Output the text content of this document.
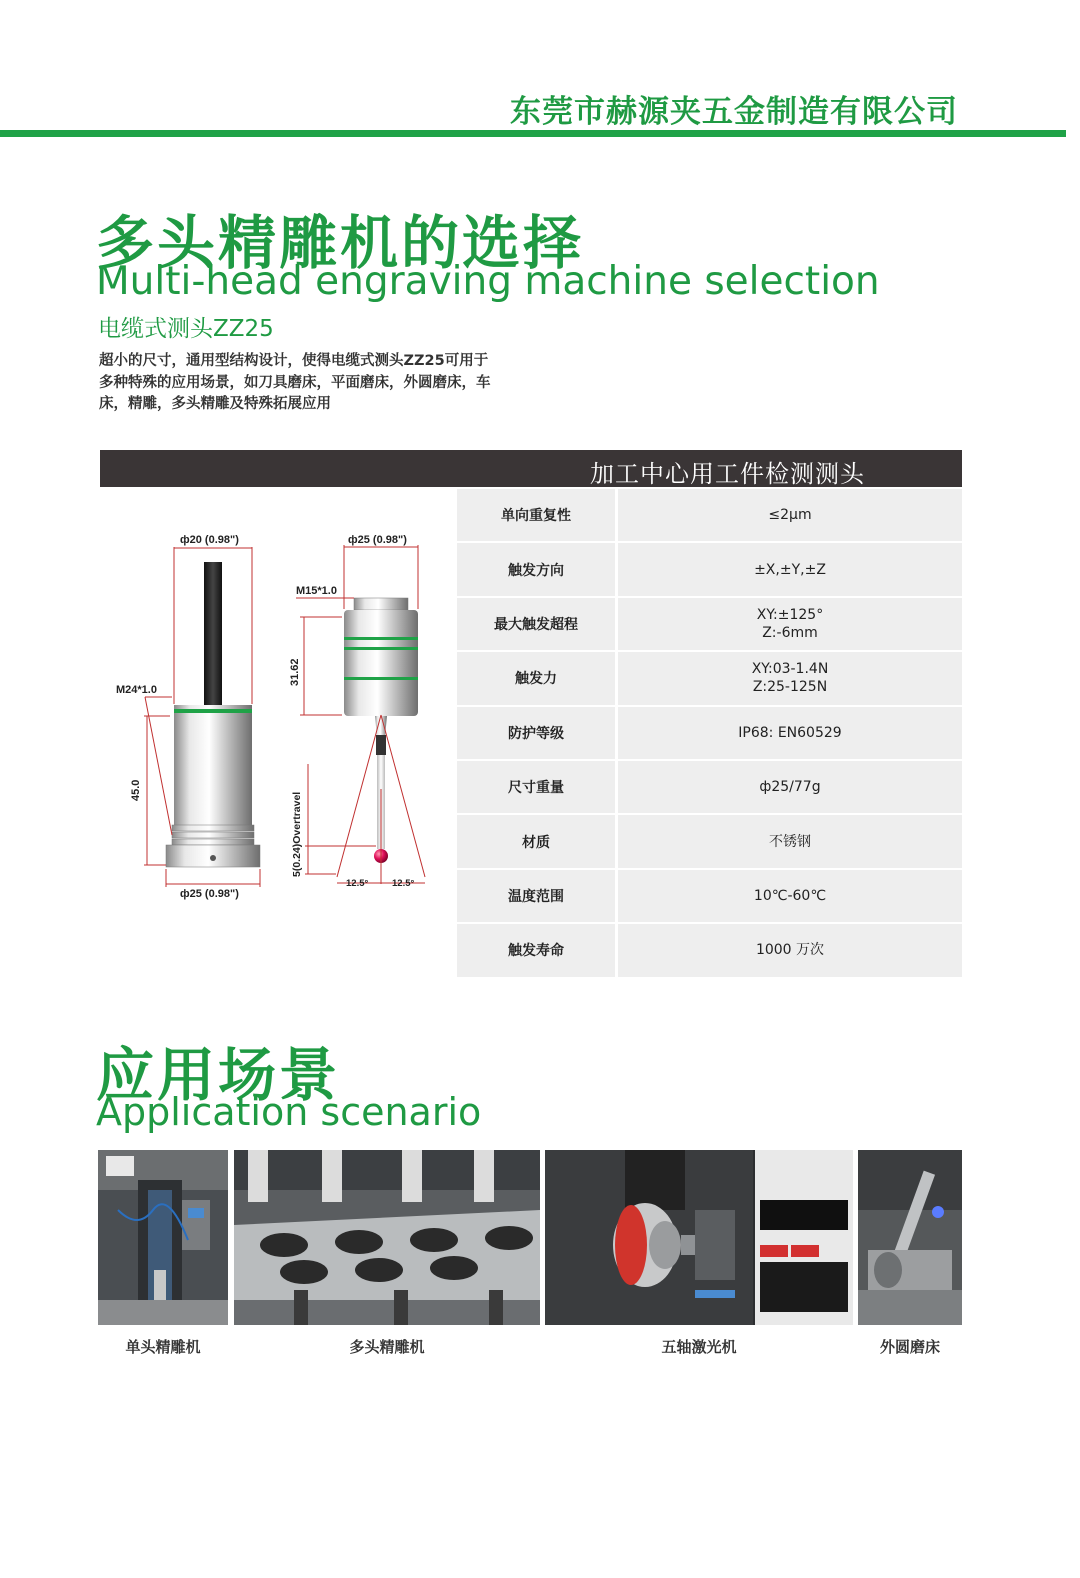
东莞市赫源夹五金制造有限公司
多头精雕机的选择
Multi-head engraving machine selection
电缆式测头ZZ25
超小的尺寸，通用型结构设计，使得电缆式测头ZZ25可用于
多种特殊的应用场景，如刀具磨床，平面磨床，外圆磨床，车
床，精雕，多头精雕及特殊拓展应用
加工中心用工件检测测头
ф20 (0.98")
M24*1.0
45.0
ф25 (0.98")
ф25 (0.98")
M15*1.0
31.62
5(0.24)Overtravel
12.5° 12.5°
单向重复性	≤2μm

触发方向	±X,±Y,±Z

最大触发超程	XY:±125°
Z:-6mm

触发力	XY:03-1.4N
Z:25-125N

防护等级	IP68: EN60529

尺寸重量	ф25/77g

材质	不锈钢

温度范围	10℃-60℃

触发寿命	1000 万次
应用场景
Application scenario
单头精雕机	多头精雕机	五轴激光机	外圆磨床
